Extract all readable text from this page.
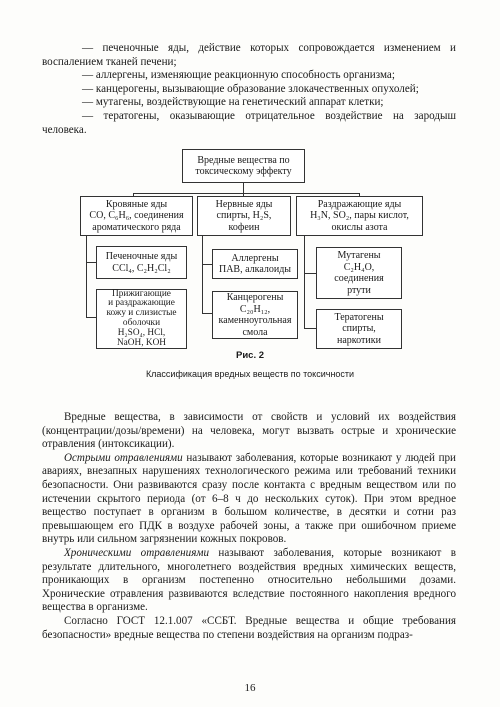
— печеночные яды, действие которых сопровождается изменением и воспалением тканей печени;

— аллергены, изменяющие реакционную способность организма;

— канцерогены, вызывающие образование злокачественных опухолей;

— мутагены, воздействующие на генетический аппарат клетки;

— тератогены, оказывающие отрицательное воздействие на зародыш человека.

Вредные вещества по
токсическому эффекту
Кровяные яды
CO, C₆H₆, соединения
ароматического ряда
Нервные яды
спирты, H₂S,
кофеин
Раздражающие яды
H₃N, SO₂, пары кислот,
окислы азота
Печеночные яды
CCl₄, C₂H₂Cl₂
Прижигающие
и раздражающие
кожу и слизистые
оболочки
H₂SO₄, HCl,
NaOH, KOH
Аллергены
ПАВ, алкалоиды
Канцерогены
C₂₀H₁₂,
каменноугольная
смола
Мутагены
C₂H₄O,
соединения
ртути
Тератогены
спирты,
наркотики
Рис. 2
Классификация вредных веществ по токсичности

Вредные вещества, в зависимости от свойств и условий их воздействия (концентрации/дозы/времени) на человека, могут вызвать острые и хронические отравления (интоксикации).

Острыми отравлениями называют заболевания, которые возникают у людей при авариях, внезапных нарушениях технологического режима или требований техники безопасности. Они развиваются сразу после контакта с вредным веществом или по истечении скрытого периода (от 6–8 ч до нескольких суток). При этом вредное вещество поступает в организм в большом количестве, в десятки и сотни раз превышающем его ПДК в воздухе рабочей зоны, а также при ошибочном приеме внутрь или сильном загрязнении кожных покровов.

Хроническими отравлениями называют заболевания, которые возникают в результате длительного, многолетнего воздействия вредных химических веществ, проникающих в организм постепенно относительно небольшими дозами. Хронические отравления развиваются вследствие постоянного накопления вредного вещества в организме.

Согласно ГОСТ 12.1.007 «ССБТ. Вредные вещества и общие требования безопасности» вредные вещества по степени воздействия на организм подраз-

16
